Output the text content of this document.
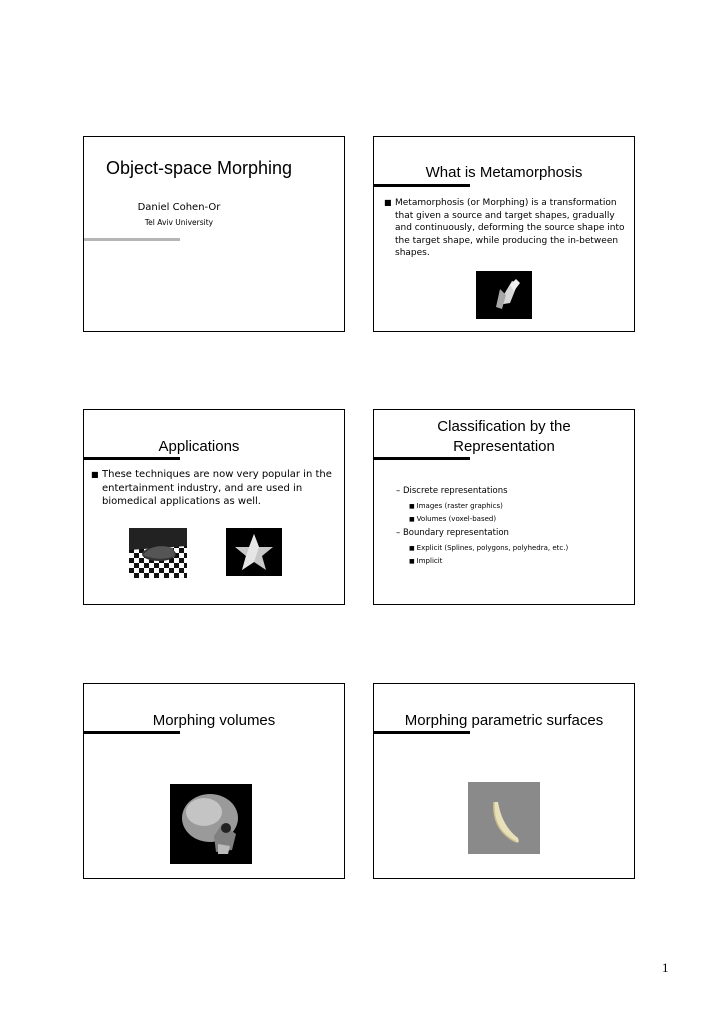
Object-space Morphing
Daniel Cohen-Or
Tel Aviv University
What is Metamorphosis
■ Metamorphosis (or Morphing) is a transformation that given a source and target shapes, gradually and continuously, deforming the source shape into the target shape, while producing the in-between shapes.
Applications
■ These techniques are now very popular in the entertainment industry, and are used in biomedical applications as well.
Classification by the
Representation
– Discrete representations
■ Images (raster graphics)
■ Volumes (voxel-based)
– Boundary representation
■ Explicit (Splines, polygons, polyhedra, etc.)
■ Implicit
Morphing volumes	Morphing parametric surfaces
1
